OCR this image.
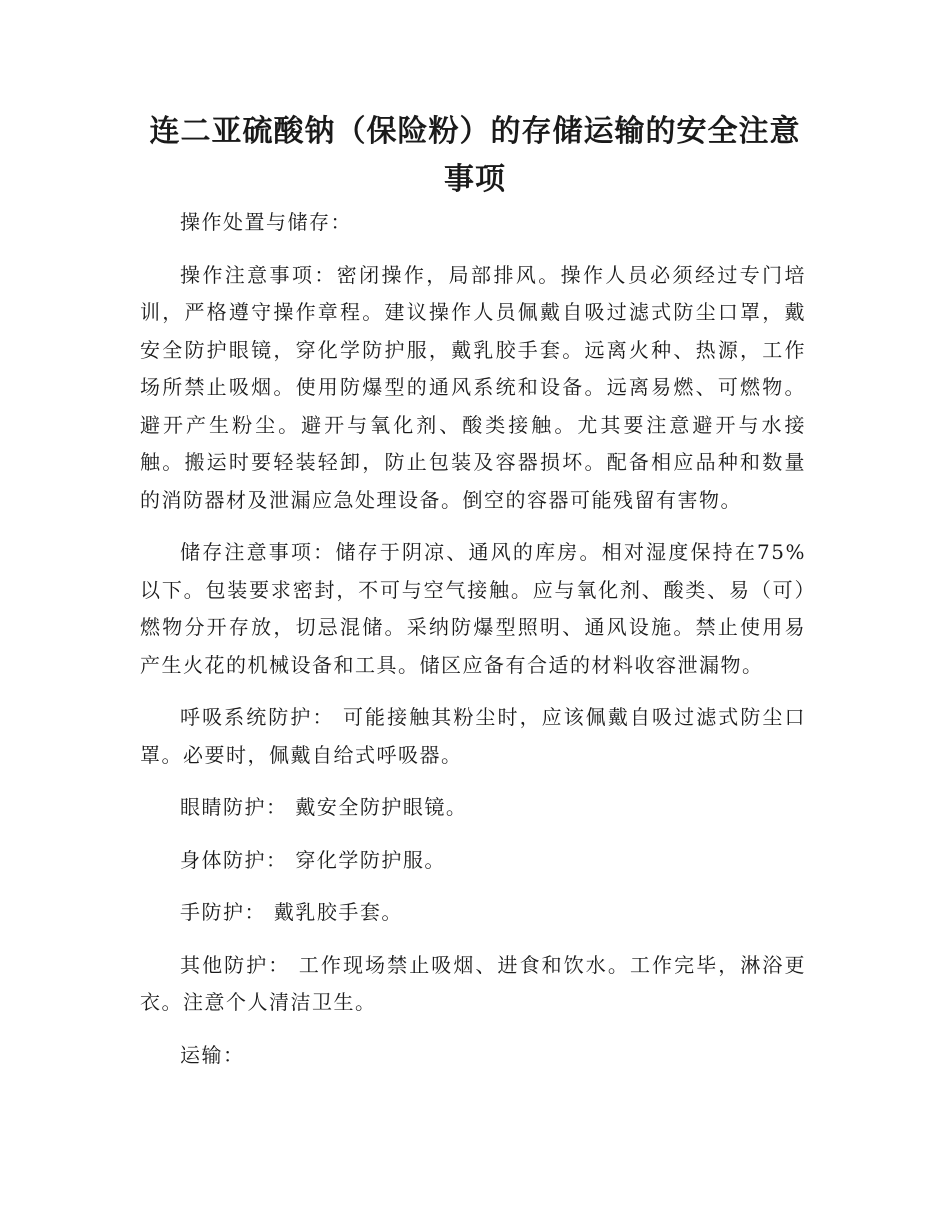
连二亚硫酸钠（保险粉）的存储运输的安全注意事项

操作处置与储存：

操作注意事项：密闭操作，局部排风。操作人员必须经过专门培训，严格遵守操作章程。建议操作人员佩戴自吸过滤式防尘口罩，戴安全防护眼镜，穿化学防护服，戴乳胶手套。远离火种、热源，工作场所禁止吸烟。使用防爆型的通风系统和设备。远离易燃、可燃物。避开产生粉尘。避开与氧化剂、酸类接触。尤其要注意避开与水接触。搬运时要轻装轻卸，防止包装及容器损坏。配备相应品种和数量的消防器材及泄漏应急处理设备。倒空的容器可能残留有害物。

储存注意事项：储存于阴凉、通风的库房。相对湿度保持在75%以下。包装要求密封，不可与空气接触。应与氧化剂、酸类、易（可）燃物分开存放，切忌混储。采纳防爆型照明、通风设施。禁止使用易产生火花的机械设备和工具。储区应备有合适的材料收容泄漏物。

呼吸系统防护： 可能接触其粉尘时，应该佩戴自吸过滤式防尘口罩。必要时，佩戴自给式呼吸器。

眼睛防护： 戴安全防护眼镜。

身体防护： 穿化学防护服。

手防护： 戴乳胶手套。

其他防护： 工作现场禁止吸烟、进食和饮水。工作完毕，淋浴更衣。注意个人清洁卫生。

运输：
